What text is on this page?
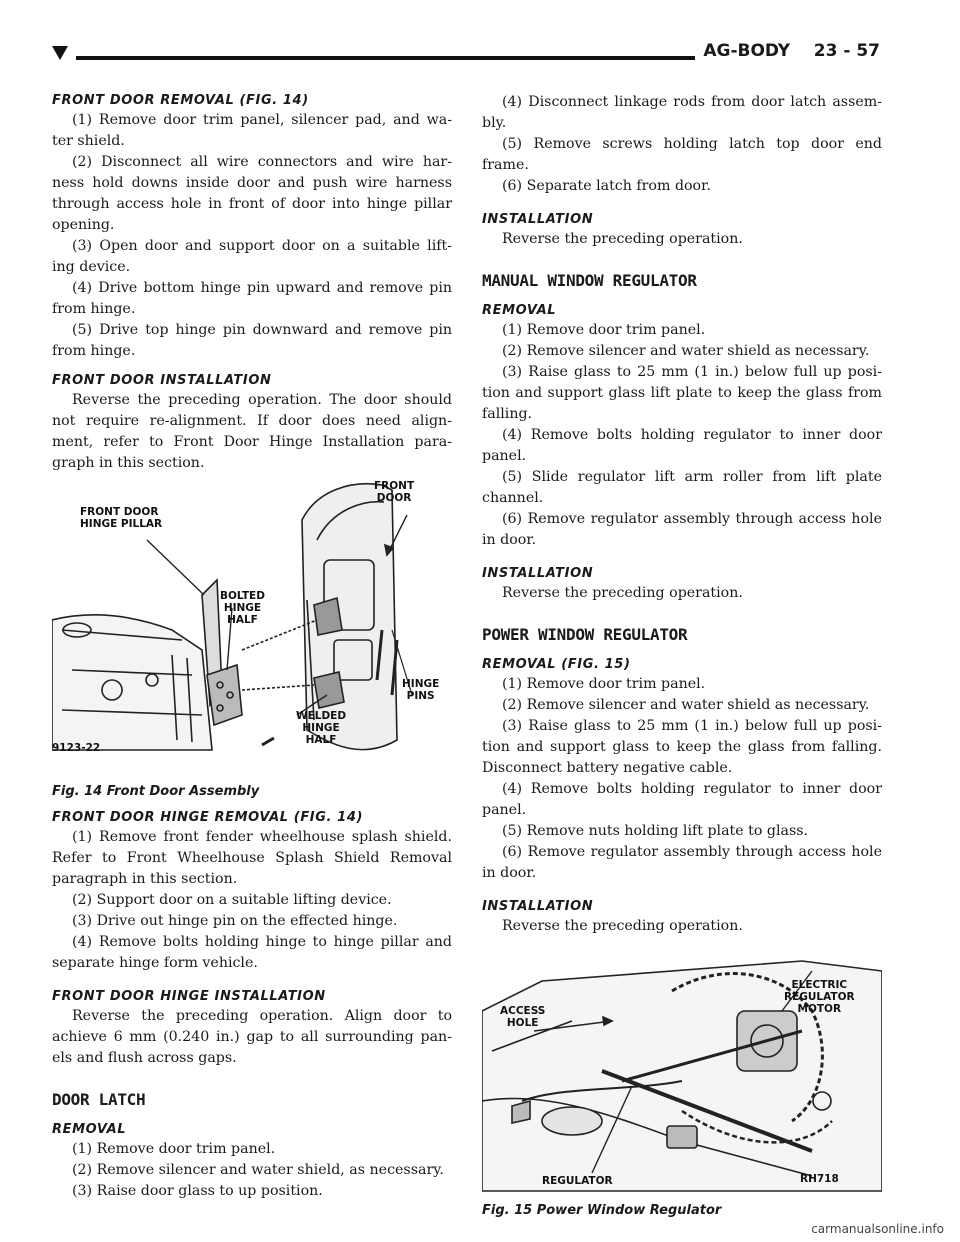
AG-BODY    23 - 57
FRONT DOOR REMOVAL (FIG. 14)

(1) Remove door trim panel, silencer pad, and wa- ter shield.

(2) Disconnect all wire connectors and wire har- ness hold downs inside door and push wire harness through access hole in front of door into hinge pillar opening.

(3) Open door and support door on a suitable lift- ing device.

(4) Drive bottom hinge pin upward and remove pin from hinge.

(5) Drive top hinge pin downward and remove pin from hinge.

FRONT DOOR INSTALLATION

Reverse the preceding operation. The door should not require re-alignment. If door does need align- ment, refer to Front Door Hinge Installation para- graph in this section.

FRONT DOOR
HINGE PILLAR
FRONT
DOOR
BOLTED
HINGE
HALF
HINGE
PINS
WELDED
HINGE
HALF
9123-22
Fig. 14 Front Door Assembly
FRONT DOOR HINGE REMOVAL (FIG. 14)

(1) Remove front fender wheelhouse splash shield. Refer to Front Wheelhouse Splash Shield Removal paragraph in this section.

(2) Support door on a suitable lifting device.

(3) Drive out hinge pin on the effected hinge.

(4) Remove bolts holding hinge to hinge pillar and separate hinge form vehicle.

FRONT DOOR HINGE INSTALLATION

Reverse the preceding operation. Align door to achieve 6 mm (0.240 in.) gap to all surrounding pan- els and flush across gaps.

DOOR LATCH
REMOVAL

(1) Remove door trim panel.

(2) Remove silencer and water shield, as necessary.

(3) Raise door glass to up position.

(4) Disconnect linkage rods from door latch assem- bly.

(5) Remove screws holding latch top door end frame.

(6) Separate latch from door.

INSTALLATION

Reverse the preceding operation.

MANUAL WINDOW REGULATOR
REMOVAL

(1) Remove door trim panel.

(2) Remove silencer and water shield as necessary.

(3) Raise glass to 25 mm (1 in.) below full up posi- tion and support glass lift plate to keep the glass from falling.

(4) Remove bolts holding regulator to inner door panel.

(5) Slide regulator lift arm roller from lift plate channel.

(6) Remove regulator assembly through access hole in door.

INSTALLATION

Reverse the preceding operation.

POWER WINDOW REGULATOR
REMOVAL (FIG. 15)

(1) Remove door trim panel.

(2) Remove silencer and water shield as necessary.

(3) Raise glass to 25 mm (1 in.) below full up posi- tion and support glass to keep the glass from falling. Disconnect battery negative cable.

(4) Remove bolts holding regulator to inner door panel.

(5) Remove nuts holding lift plate to glass.

(6) Remove regulator assembly through access hole in door.

INSTALLATION

Reverse the preceding operation.

ACCESS
HOLE
ELECTRIC
REGULATOR
MOTOR
REGULATOR	RH718
Fig. 15 Power Window Regulator
carmanualsonline.info
